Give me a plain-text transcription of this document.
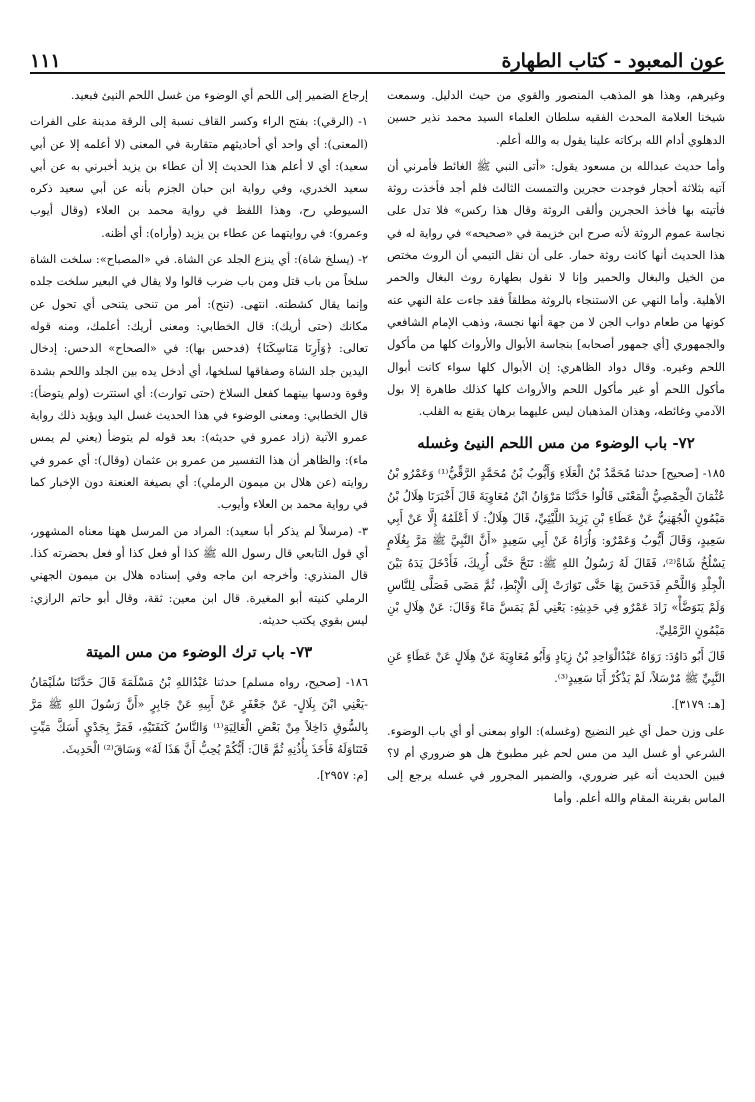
عون المعبود - كتاب الطهارة
١١١

وغيرهم، وهذا هو المذهب المنصور والقوي من حيث الدليل. وسمعت شيخنا العلامة المحدث الفقيه سلطان العلماء السيد محمد نذير حسين الدهلوي أدام الله بركاته علينا يقول به والله أعلم.

وأما حديث عبدالله بن مسعود يقول: «أتى النبي ﷺ الغائط فأمرني أن آتيه بثلاثة أحجار فوجدت حجرين والتمست الثالث فلم أجد فأخذت روثة فأتيته بها فأخذ الحجرين وألقى الروثة وقال هذا ركس» فلا تدل على نجاسة عموم الروثة لأنه صرح ابن خزيمة في «صحيحه» في رواية له في هذا الحديث أنها كانت روثة حمار. على أن نقل التيمي أن الروث مختص من الخيل والبغال والحمير وإنا لا نقول بطهارة روث البغال والحمر الأهلية. وأما النهي عن الاستنجاء بالروثة مطلقاً فقد جاءت علة النهي عنه كونها من طعام دواب الجن لا من جهة أنها نجسة، وذهب الإمام الشافعي والجمهوري [أي جمهور أصحابه] بنجاسة الأبوال والأرواث كلها من مأكول اللحم وغيره. وقال دواد الظاهري: إن الأبوال كلها سواء كانت أبوال مأكول اللحم أو غير مأكول اللحم والأرواث كلها كذلك طاهرة إلا بول الآدمي وغائطه، وهذان المذهبان ليس عليهما برهان يقنع به القلب.

٧٢- باب الوضوء من مس اللحم النيئ وغسله

١٨٥- [صحيح] حدثنا مُحَمَّدُ بْنُ الْعَلَاءِ وَأَيُّوبُ بْنُ مُحَمَّدٍ الرَّقِّيُّ⁽¹⁾ وَعَمْرُو بْنُ عُثْمَانَ الْحِمْصِيُّ الْمَعْنَى قَالُوا حَدَّثَنَا مَرْوَانُ ابْنُ مُعَاوِيَةَ قَالَ أَخْبَرَنَا هِلَالُ بْنُ مَيْمُونٍ الْجُهَنِيُّ عَنْ عَطَاءِ بْنِ يَزِيدَ اللَّيْثِيِّ، قَالَ هِلَالٌ: لَا أَعْلَمُهُ إِلَّا عَنْ أَبِي سَعِيدٍ، وَقَالَ أَيُّوبُ وَعَمْرٌو: وَأُرَاهُ عَنْ أَبِي سَعِيدٍ «أَنَّ النَّبِيَّ ﷺ مَرَّ بِغُلَامٍ يَسْلُخُ شَاةً⁽²⁾، فَقَالَ لَهُ رَسُولُ اللهِ ﷺ: تَنَحَّ حَتَّى أُرِيكَ، فَأَدْخَلَ يَدَهُ بَيْنَ الْجِلْدِ وَاللَّحْمِ فَدَحَسَ بِهَا حَتَّى تَوَارَتْ إِلَى الْإِبْطِ، ثُمَّ مَضَى فَصَلَّى لِلنَّاسِ وَلَمْ يَتَوَضَّأْ» زَادَ عَمْرٌو فِي حَدِيثِهِ: يَعْنِي لَمْ يَمَسَّ مَاءً وَقَالَ: عَنْ هِلَالِ بْنِ مَيْمُونٍ الرَّمْلِيِّ.

قَالَ أَبُو دَاوُدَ: رَوَاهُ عَبْدُالْوَاحِدِ بْنُ زِيَادٍ وَأَبُو مُعَاوِيَةَ عَنْ هِلَالٍ عَنْ عَطَاءٍ عَنِ النَّبِيِّ ﷺ مُرْسَلاً، لَمْ يَذْكُرْ أَبَا سَعِيدٍ⁽³⁾.

[هـ: ٣١٧٩].

على وزن حمل أي غير النضيج (وغسله): الواو بمعنى أو أي باب الوضوء. الشرعي أو غسل اليد من مس لحم غير مطبوخ هل هو ضروري أم لا؟ فبين الحديث أنه غير ضروري، والضمير المجرور في غسله يرجع إلى الماس بقرينة المقام والله أعلم. وأما

إرجاع الضمير إلى اللحم أي الوضوء من غسل اللحم النيئ فبعيد.

١- (الرقي): بفتح الراء وكسر القاف نسبة إلى الرقة مدينة على الفرات (المعنى): أي واحد أي أحاديثهم متقاربة في المعنى (لا أعلمه إلا عن أبي سعيد): أي لا أعلم هذا الحديث إلا أن عطاء بن يزيد أخبرني به عن أبي سعيد الخدري، وفي رواية ابن حبان الجزم بأنه عن أبي سعيد ذكره السيوطي رح، وهذا اللفظ في رواية محمد بن العلاء (وقال أيوب وعمرو): في روايتهما عن عطاء بن يزيد (وأراه): أي أظنه.

٢- (يسلخ شاة): أي ينزع الجلد عن الشاة. في «المصباح»: سلخت الشاة سلخاً من باب قتل ومن باب ضرب قالوا ولا يقال في البعير سلخت جلده وإنما يقال كشطته. انتهى. (تنح): أمر من تنحى يتنحى أي تحول عن مكانك (حتى أريك): قال الخطابي: ومعنى أريك: أعلمك، ومنه قوله تعالى: ﴿وَأَرِنَا مَنَاسِكَنَا﴾ (فدحس بها): في «الصحاح» الدحس: إدخال اليدين جلد الشاة وصفاقها لسلخها، أي أدخل يده بين الجلد واللحم بشدة وقوة ودسها بينهما كفعل السلاخ (حتى توارت): أي استترت (ولم يتوضأ): قال الخطابي: ومعنى الوضوء في هذا الحديث غسل اليد ويؤيد ذلك رواية عمرو الآتية (زاد عمرو في حديثه): بعد قوله لم يتوضأ (يعني لم يمس ماء): والظاهر أن هذا التفسير من عمرو بن عثمان (وقال): أي عمرو في روايته (عن هلال بن ميمون الرملي): أي بصيغة العنعنة دون الإخبار كما في رواية محمد بن العلاء وأيوب.

٣- (مرسلاً لم يذكر أبا سعيد): المراد من المرسل ههنا معناه المشهور، أي قول التابعي قال رسول الله ﷺ كذا أو فعل كذا أو فعل بحضرته كذا. قال المنذري: وأخرجه ابن ماجه وفي إسناده هلال بن ميمون الجهني الرملي كنيته أبو المغيرة. قال ابن معين: ثقة، وقال أبو حاتم الرازي: ليس بقوي يكتب حديثه.

٧٣- باب ترك الوضوء من مس الميتة

١٨٦- [صحيح، رواه مسلم] حدثنا عَبْدُاللهِ بْنُ مَسْلَمَةَ قَالَ حَدَّثَنَا سُلَيْمَانُ -يَعْنِي ابْنَ بِلَالٍ- عَنْ جَعْفَرٍ عَنْ أَبِيهِ عَنْ جَابِرٍ «أَنَّ رَسُولَ اللهِ ﷺ مَرَّ بِالسُّوقِ دَاخِلاً مِنْ بَعْضِ الْعَالِيَةِ⁽¹⁾ وَالنَّاسُ كَنَفَتَيْهِ، فَمَرَّ بِجَدْيٍ أَسَكَّ مَيِّتٍ فَتَنَاوَلَهُ فَأَخَذَ بِأُذُنِهِ ثُمَّ قَالَ: أَيُّكُمْ يُحِبُّ أَنَّ هَذَا لَهُ» وَسَاقَ⁽²⁾ الْحَدِيثَ.

[م: ٢٩٥٧].
